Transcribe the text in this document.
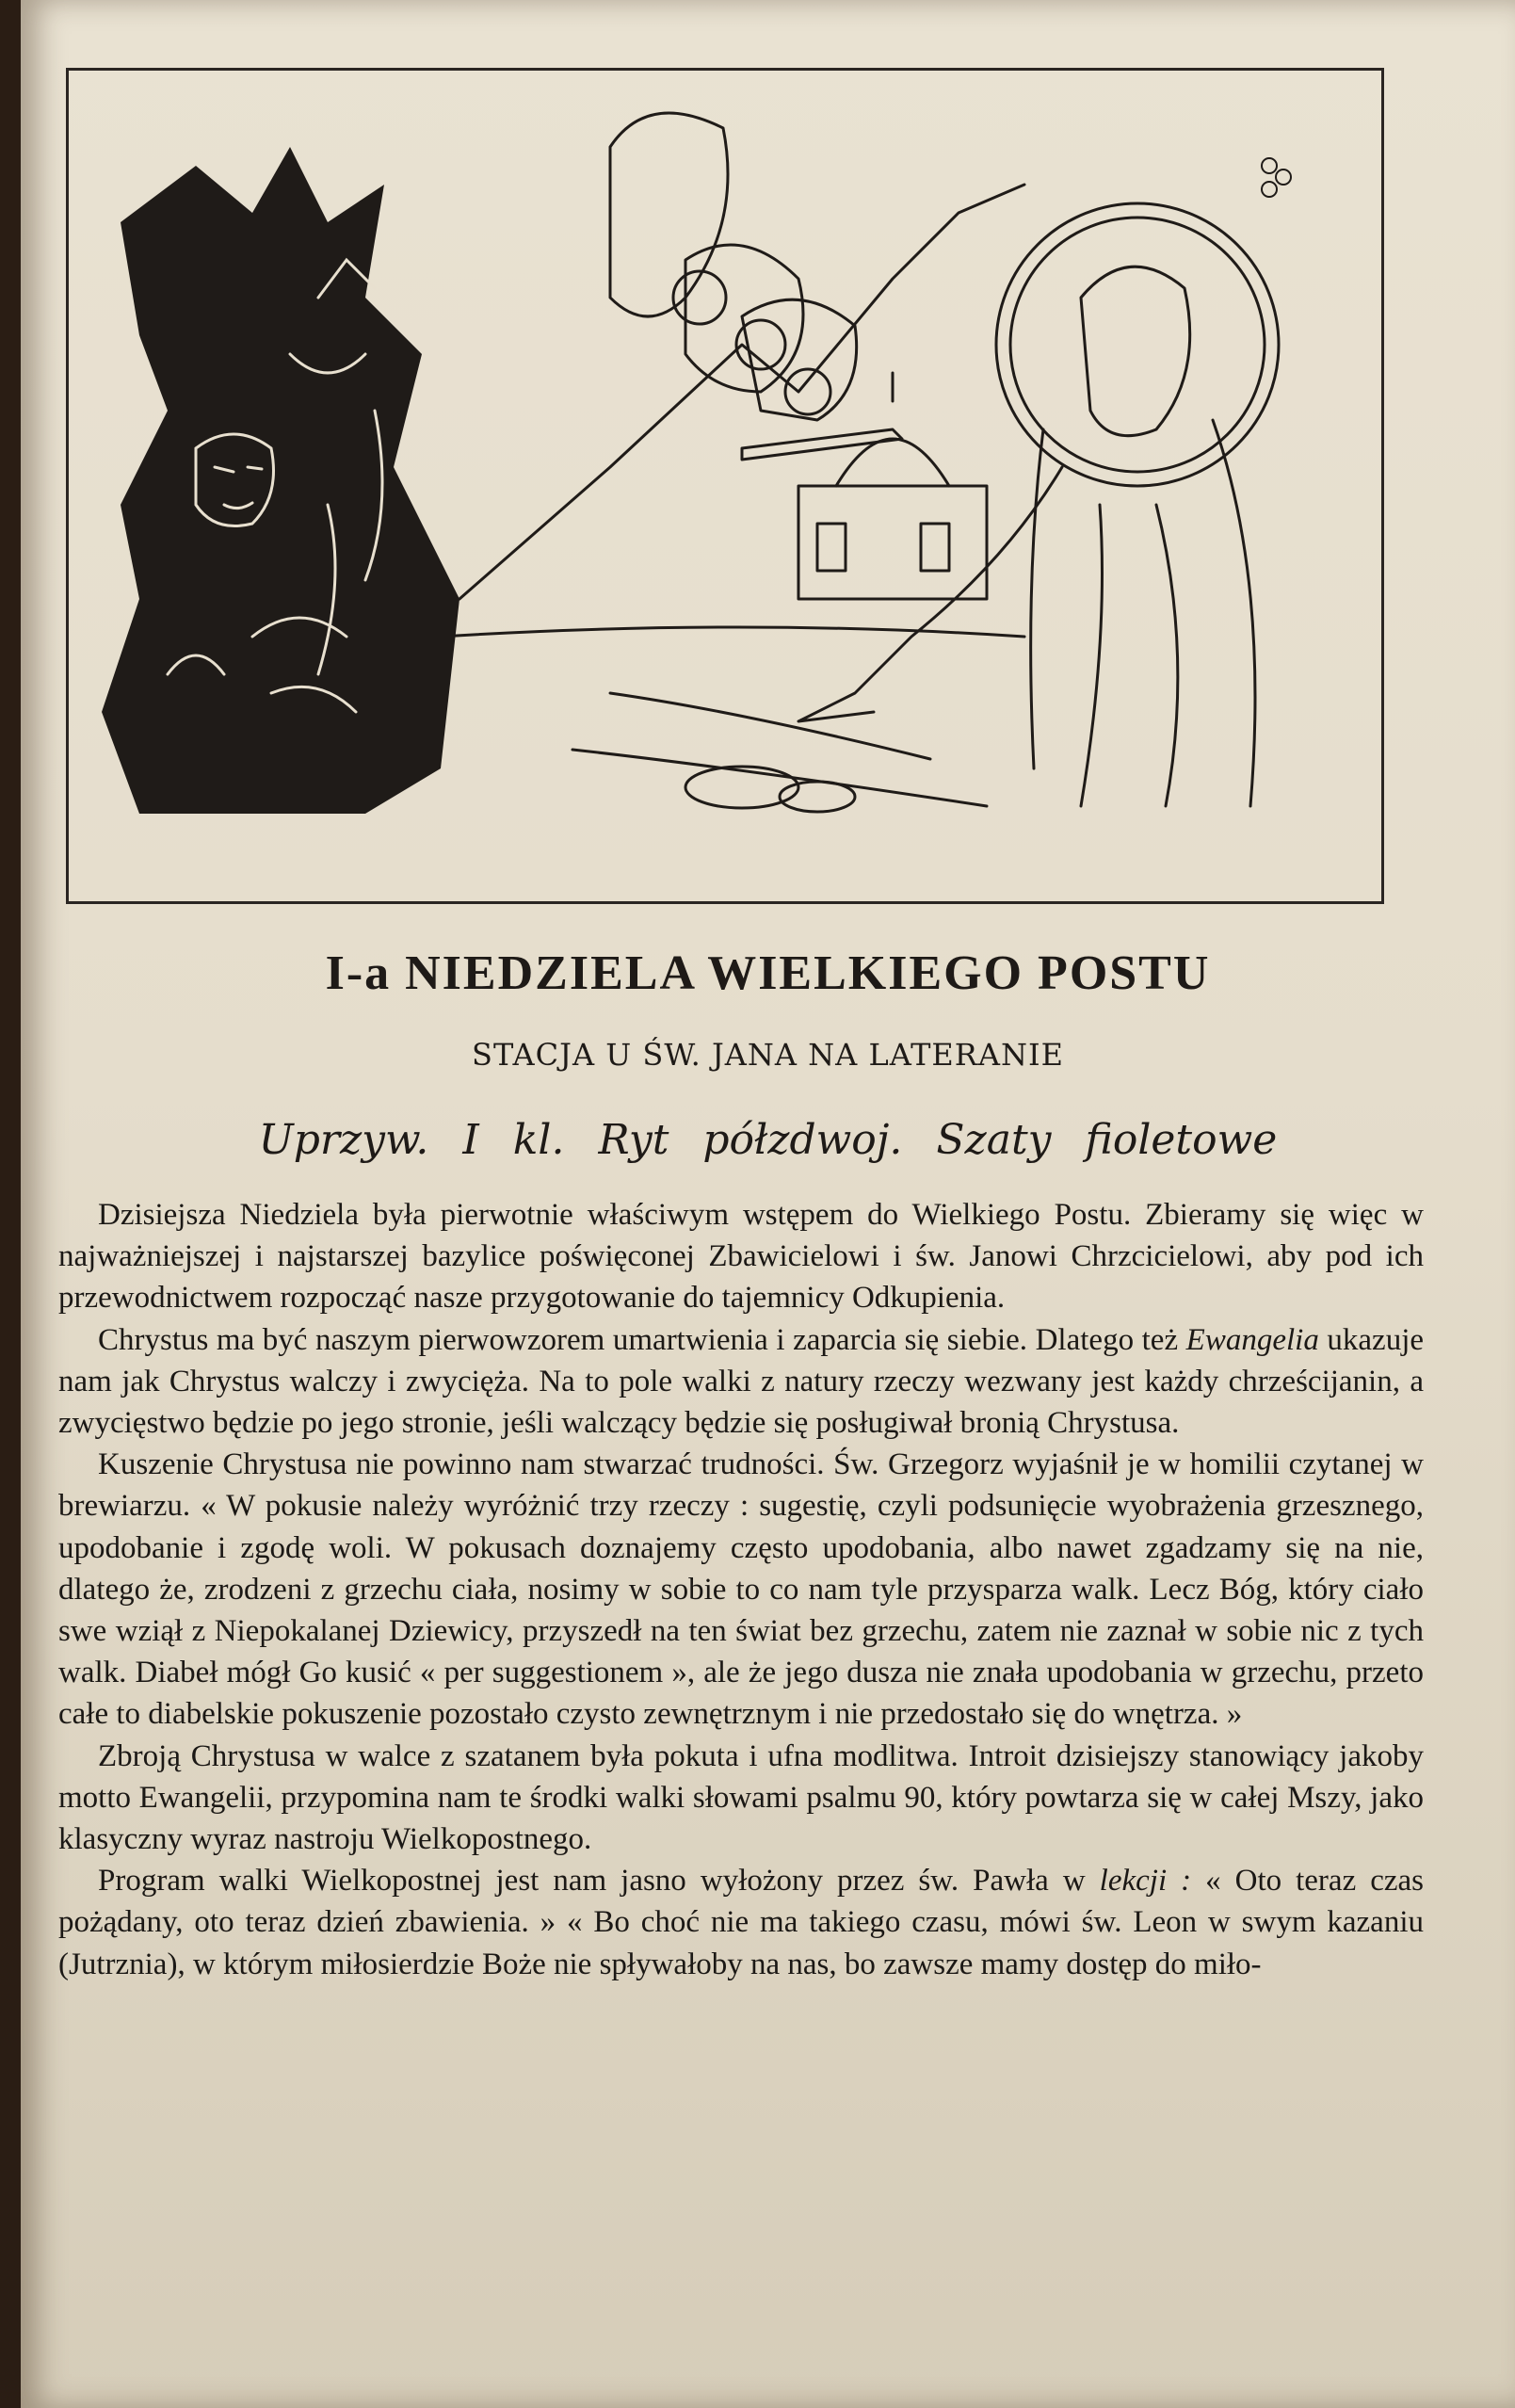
I-a NIEDZIELA WIELKIEGO POSTU
STACJA U ŚW. JANA NA LATERANIE
Uprzyw. I kl. Ryt półzdwoj. Szaty fioletowe

Dzisiejsza Niedziela była pierwotnie właściwym wstępem do Wielkiego Postu. Zbieramy się więc w najważniejszej i najstarszej bazylice poświęconej Zbawicielowi i św. Janowi Chrzcicielowi, aby pod ich przewodnictwem rozpocząć nasze przygotowanie do tajemnicy Odkupienia.

Chrystus ma być naszym pierwowzorem umartwienia i zaparcia się siebie. Dlatego też Ewangelia ukazuje nam jak Chrystus walczy i zwycięża. Na to pole walki z natury rzeczy wezwany jest każdy chrześcijanin, a zwycięstwo będzie po jego stronie, jeśli walczący będzie się posługiwał bronią Chrystusa.

Kuszenie Chrystusa nie powinno nam stwarzać trudności. Św. Grzegorz wyjaśnił je w homilii czytanej w brewiarzu. « W pokusie należy wyróżnić trzy rzeczy : sugestię, czyli podsunięcie wyobrażenia grzesznego, upodobanie i zgodę woli. W pokusach doznajemy często upodobania, albo nawet zgadzamy się na nie, dlatego że, zrodzeni z grzechu ciała, nosimy w sobie to co nam tyle przysparza walk. Lecz Bóg, który ciało swe wziął z Niepokalanej Dziewicy, przyszedł na ten świat bez grzechu, zatem nie zaznał w sobie nic z tych walk. Diabeł mógł Go kusić « per suggestionem », ale że jego dusza nie znała upodobania w grzechu, przeto całe to diabelskie pokuszenie pozostało czysto zewnętrznym i nie przedostało się do wnętrza. »

Zbroją Chrystusa w walce z szatanem była pokuta i ufna modlitwa. Introit dzisiejszy stanowiący jakoby motto Ewangelii, przypomina nam te środki walki słowami psalmu 90, który powtarza się w całej Mszy, jako klasyczny wyraz nastroju Wielkopostnego.

Program walki Wielkopostnej jest nam jasno wyłożony przez św. Pawła w lekcji : « Oto teraz czas pożądany, oto teraz dzień zbawienia. » « Bo choć nie ma takiego czasu, mówi św. Leon w swym kazaniu (Jutrznia), w którym miłosierdzie Boże nie spływałoby na nas, bo zawsze mamy dostęp do miło-
